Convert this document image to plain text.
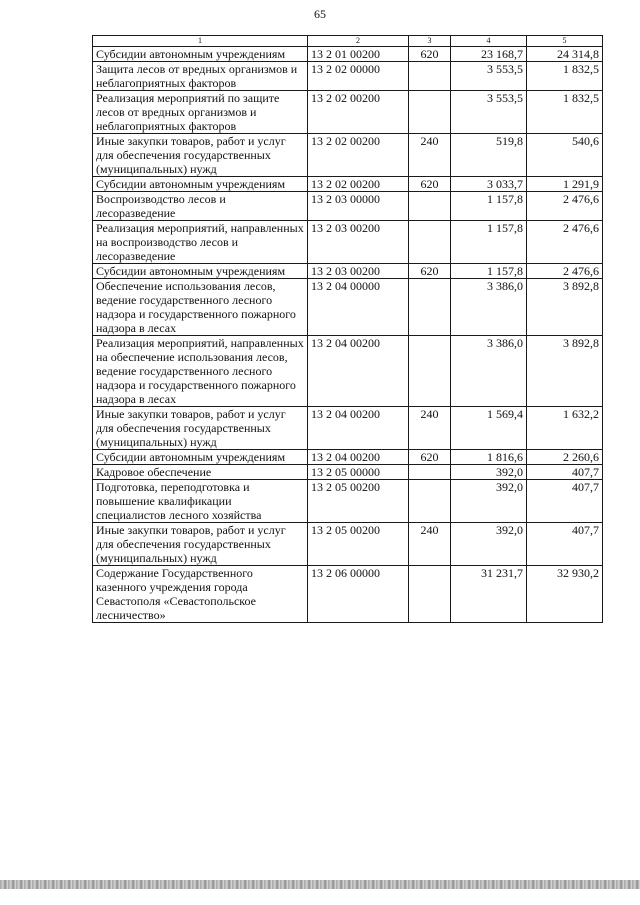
65
1	2	3	4	5
Субсидии автономным учреждениям	13 2 01 00200	620	23 168,7	24 314,8
Защита лесов от вредных организмов и неблагоприятных факторов	13 2 02 00000		3 553,5	1 832,5
Реализация мероприятий по защите лесов от вредных организмов и неблагоприятных факторов	13 2 02 00200		3 553,5	1 832,5
Иные закупки товаров, работ и услуг для обеспечения государственных (муниципальных) нужд	13 2 02 00200	240	519,8	540,6
Субсидии автономным учреждениям	13 2 02 00200	620	3 033,7	1 291,9
Воспроизводство лесов и лесоразведение	13 2 03 00000		1 157,8	2 476,6
Реализация мероприятий, направленных на воспроизводство лесов и лесоразведение	13 2 03 00200		1 157,8	2 476,6
Субсидии автономным учреждениям	13 2 03 00200	620	1 157,8	2 476,6
Обеспечение использования лесов, ведение государственного лесного надзора и государственного пожарного надзора в лесах	13 2 04 00000		3 386,0	3 892,8
Реализация мероприятий, направленных на обеспечение использования лесов, ведение государственного лесного надзора и государственного пожарного надзора в лесах	13 2 04 00200		3 386,0	3 892,8
Иные закупки товаров, работ и услуг для обеспечения государственных (муниципальных) нужд	13 2 04 00200	240	1 569,4	1 632,2
Субсидии автономным учреждениям	13 2 04 00200	620	1 816,6	2 260,6
Кадровое обеспечение	13 2 05 00000		392,0	407,7
Подготовка, переподготовка и повышение квалификации специалистов лесного хозяйства	13 2 05 00200		392,0	407,7
Иные закупки товаров, работ и услуг для обеспечения государственных (муниципальных) нужд	13 2 05 00200	240	392,0	407,7
Содержание Государственного казенного учреждения города Севастополя «Севастопольское лесничество»	13 2 06 00000		31 231,7	32 930,2
